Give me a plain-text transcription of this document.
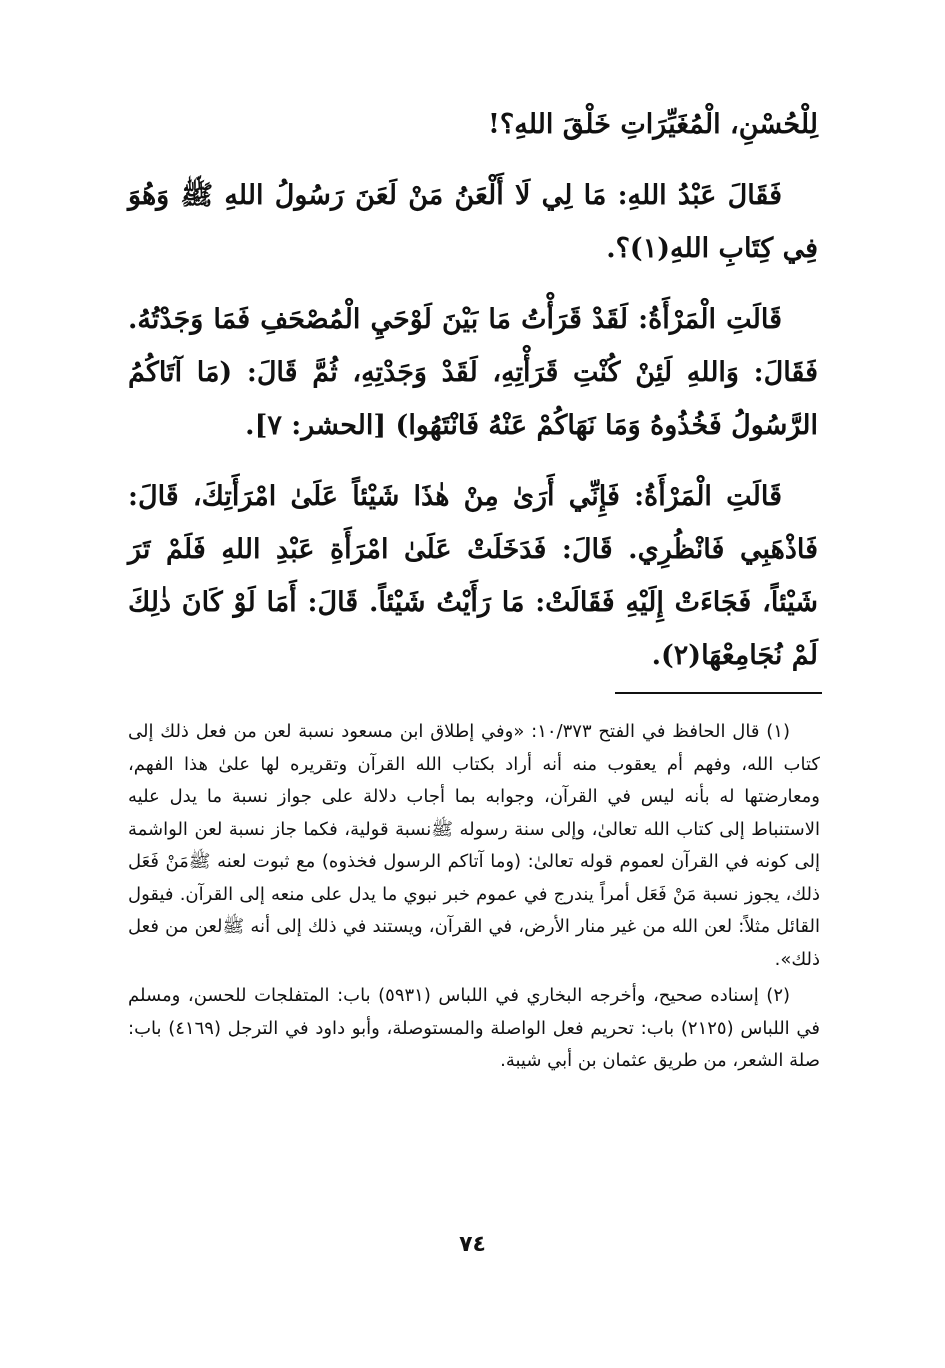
لِلْحُسْنِ، الْمُغَيِّرَاتِ خَلْقَ اللهِ؟!

فَقَالَ عَبْدُ اللهِ: مَا لِي لَا أَلْعَنُ مَنْ لَعَنَ رَسُولُ اللهِ ﷺ وَهُوَ فِي كِتَابِ اللهِ(١)؟.

قَالَتِ الْمَرْأَةُ: لَقَدْ قَرَأْتُ مَا بَيْنَ لَوْحَيِ الْمُصْحَفِ فَمَا وَجَدْتُهُ. فَقَالَ: وَاللهِ لَئِنْ كُنْتِ قَرَأْتِهِ، لَقَدْ وَجَدْتِهِ، ثُمَّ قَالَ: (مَا آتَاكُمُ الرَّسُولُ فَخُذُوهُ وَمَا نَهَاكُمْ عَنْهُ فَانْتَهُوا) [الحشر: ٧].

قَالَتِ الْمَرْأَةُ: فَإِنِّي أَرَىٰ مِنْ هٰذَا شَيْئاً عَلَىٰ امْرَأَتِكَ، قَالَ: فَاذْهَبِي فَانْظُرِي. قَالَ: فَدَخَلَتْ عَلَىٰ امْرَأَةِ عَبْدِ اللهِ فَلَمْ تَرَ شَيْئاً، فَجَاءَتْ إِلَيْهِ فَقَالَتْ: مَا رَأَيْتُ شَيْئاً. قَالَ: أَمَا لَوْ كَانَ ذٰلِكَ لَمْ نُجَامِعْهَا(٢).

(١) قال الحافظ في الفتح ١٠/٣٧٣: «وفي إطلاق ابن مسعود نسبة لعن من فعل ذلك إلى كتاب الله، وفهم أم يعقوب منه أنه أراد بكتاب الله القرآن وتقريره لها علىٰ هذا الفهم، ومعارضتها له بأنه ليس في القرآن، وجوابه بما أجاب دلالة على جواز نسبة ما يدل عليه الاستنباط إلى كتاب الله تعالىٰ، وإلى سنة رسوله ﷺنسبة قولية، فكما جاز نسبة لعن الواشمة إلى كونه في القرآن لعموم قوله تعالىٰ: (وما آتاكم الرسول فخذوه) مع ثبوت لعنه ﷺمَنْ فَعَل ذلك، يجوز نسبة مَنْ فَعَل أمراً يندرج في عموم خبر نبوي ما يدل على منعه إلى القرآن. فيقول القائل مثلاً: لعن الله من غير منار الأرض، في القرآن، ويستند في ذلك إلى أنه ﷺلعن من فعل ذلك».

(٢) إسناده صحيح، وأخرجه البخاري في اللباس (٥٩٣١) باب: المتفلجات للحسن، ومسلم في اللباس (٢١٢٥) باب: تحريم فعل الواصلة والمستوصلة، وأبو داود في الترجل (٤١٦٩) باب: صلة الشعر، من طريق عثمان بن أبي شيبة.

٧٤
